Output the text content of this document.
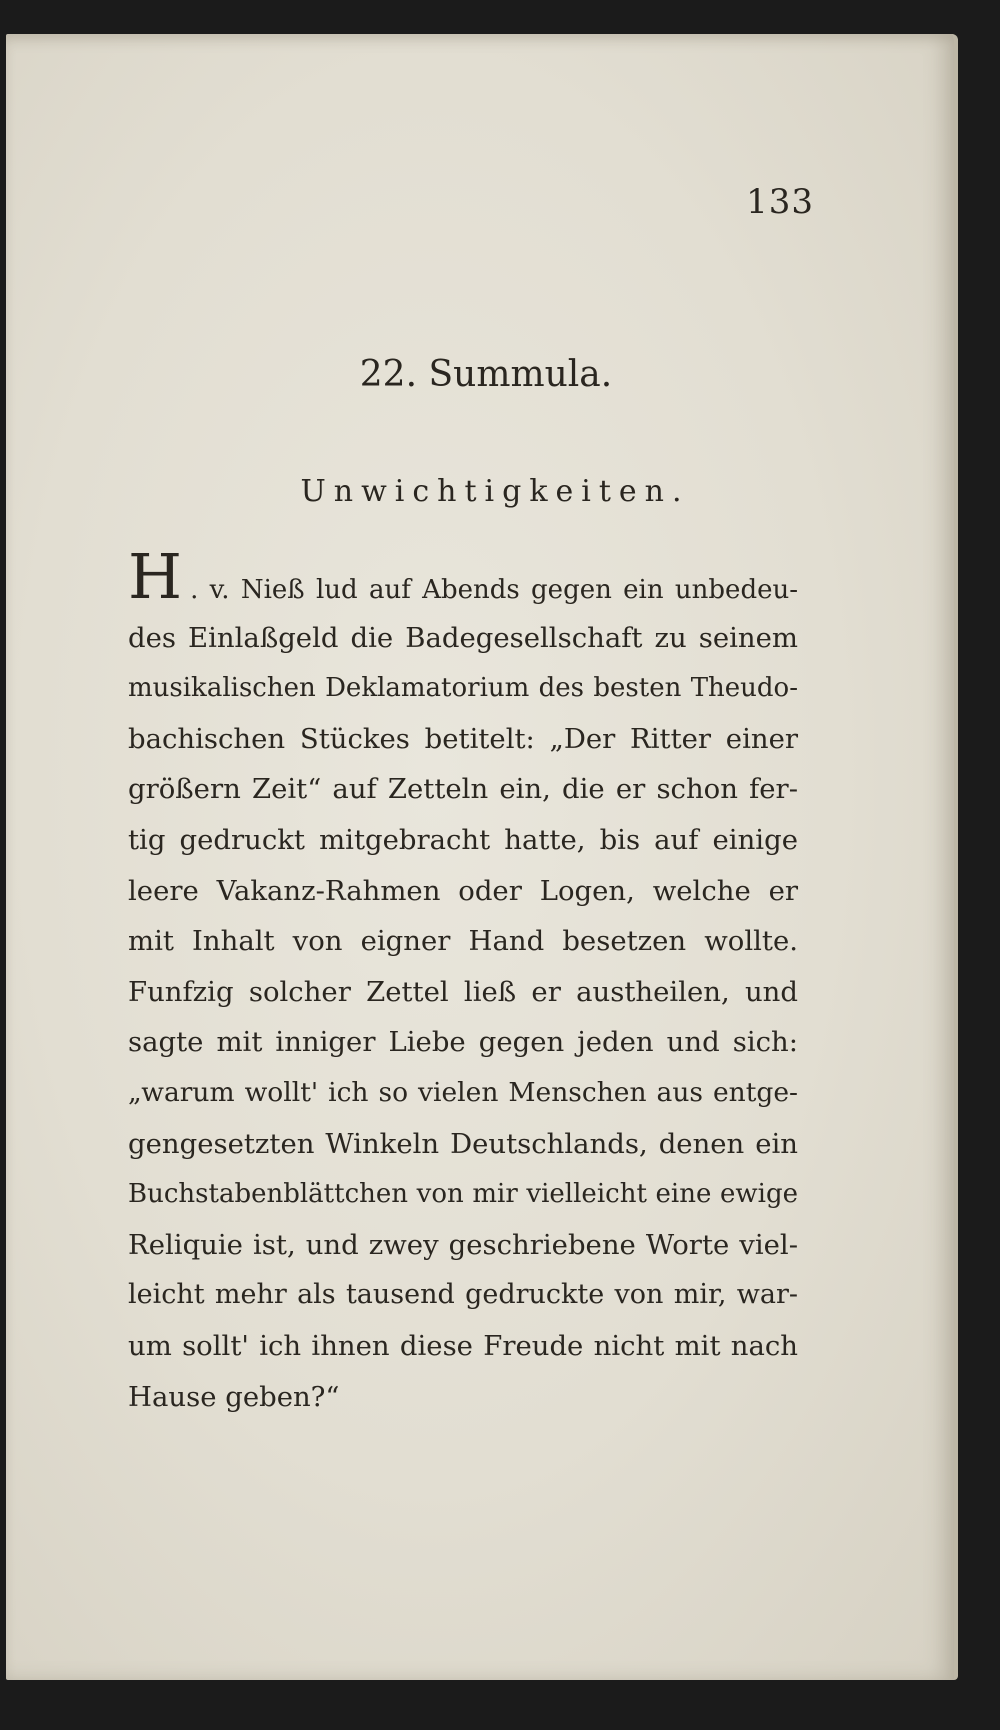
133
22. Summula.
Unwichtigkeiten.
H . v. Nieß lud auf Abends gegen ein unbedeu-
des Einlaßgeld die Badegesellschaft zu seinem
musikalischen Deklamatorium des besten Theudo-
bachischen Stückes betitelt: „Der Ritter einer
größern Zeit“ auf Zetteln ein, die er schon fer-
tig gedruckt mitgebracht hatte, bis auf einige
leere Vakanz-Rahmen oder Logen, welche er
mit Inhalt von eigner Hand besetzen wollte.
Funfzig solcher Zettel ließ er austheilen, und
sagte mit inniger Liebe gegen jeden und sich:
„warum wollt' ich so vielen Menschen aus entge-
gengesetzten Winkeln Deutschlands, denen ein
Buchstabenblättchen von mir vielleicht eine ewige
Reliquie ist, und zwey geschriebene Worte viel-
leicht mehr als tausend gedruckte von mir, war-
um sollt' ich ihnen diese Freude nicht mit nach
Hause geben?“
